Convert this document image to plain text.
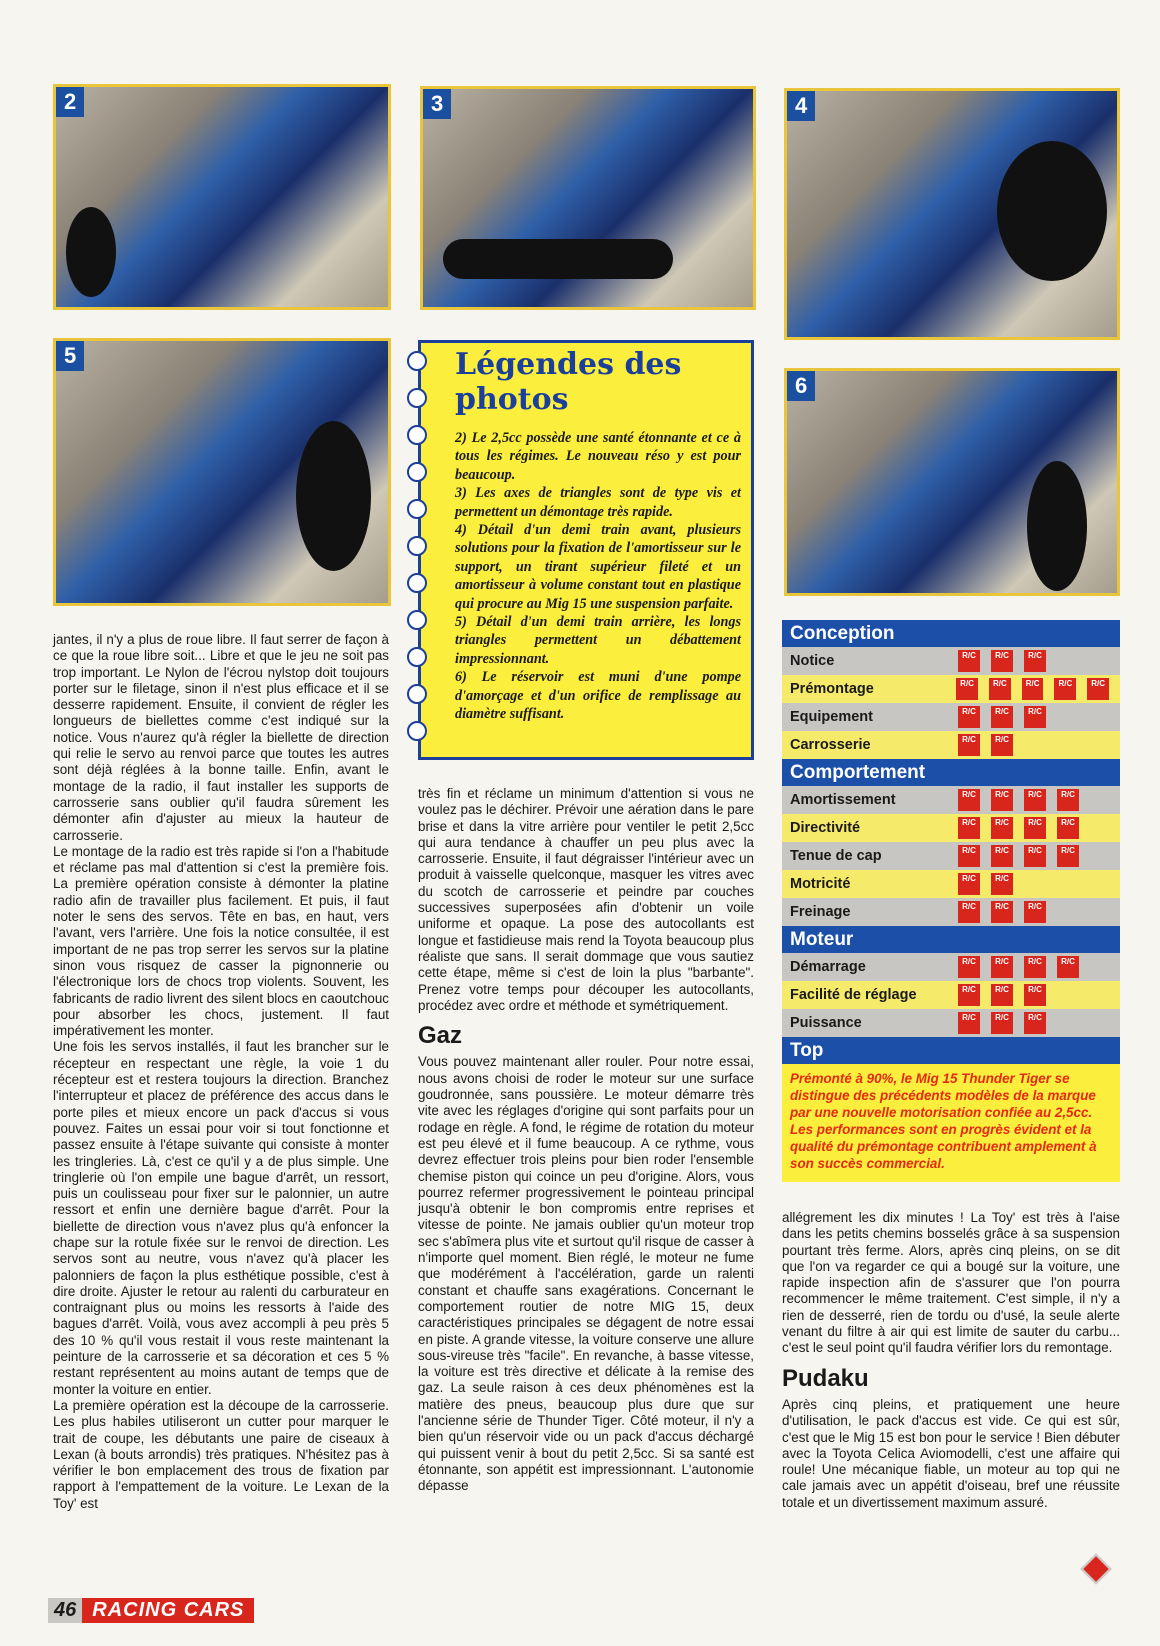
2	3	4
5
6
Légendes des photos

2) Le 2,5cc possède une santé étonnante et ce à tous les régimes. Le nouveau réso y est pour beaucoup.

3) Les axes de triangles sont de type vis et permettent un démontage très rapide.

4) Détail d'un demi train avant, plusieurs solutions pour la fixation de l'amortisseur sur le support, un tirant supérieur fileté et un amortisseur à volume constant tout en plastique qui procure au Mig 15 une suspension parfaite.

5) Détail d'un demi train arrière, les longs triangles permettent un débattement impressionnant.

6) Le réservoir est muni d'une pompe d'amorçage et d'un orifice de remplissage au diamètre suffisant.

jantes, il n'y a plus de roue libre. Il faut serrer de façon à ce que la roue libre soit... Libre et que le jeu ne soit pas trop important. Le Nylon de l'écrou nylstop doit toujours porter sur le filetage, sinon il n'est plus efficace et il se desserre rapidement. Ensuite, il convient de régler les longueurs de biellettes comme c'est indiqué sur la notice. Vous n'aurez qu'à régler la biellette de direction qui relie le servo au renvoi parce que toutes les autres sont déjà réglées à la bonne taille. Enfin, avant le montage de la radio, il faut installer les supports de carrosserie sans oublier qu'il faudra sûrement les démonter afin d'ajuster au mieux la hauteur de carrosserie.

Le montage de la radio est très rapide si l'on a l'habitude et réclame pas mal d'attention si c'est la première fois. La première opération consiste à démonter la platine radio afin de travailler plus facilement. Et puis, il faut noter le sens des servos. Tête en bas, en haut, vers l'avant, vers l'arrière. Une fois la notice consultée, il est important de ne pas trop serrer les servos sur la platine sinon vous risquez de casser la pignonnerie ou l'électronique lors de chocs trop violents. Souvent, les fabricants de radio livrent des silent blocs en caoutchouc pour absorber les chocs, justement. Il faut impérativement les monter.

Une fois les servos installés, il faut les brancher sur le récepteur en respectant une règle, la voie 1 du récepteur est et restera toujours la direction. Branchez l'interrupteur et placez de préférence des accus dans le porte piles et mieux encore un pack d'accus si vous pouvez. Faites un essai pour voir si tout fonctionne et passez ensuite à l'étape suivante qui consiste à monter les tringleries. Là, c'est ce qu'il y a de plus simple. Une tringlerie où l'on empile une bague d'arrêt, un ressort, puis un coulisseau pour fixer sur le palonnier, un autre ressort et enfin une dernière bague d'arrêt. Pour la biellette de direction vous n'avez plus qu'à enfoncer la chape sur la rotule fixée sur le renvoi de direction. Les servos sont au neutre, vous n'avez qu'à placer les palonniers de façon la plus esthétique possible, c'est à dire droite. Ajuster le retour au ralenti du carburateur en contraignant plus ou moins les ressorts à l'aide des bagues d'arrêt. Voilà, vous avez accompli à peu près 5 des 10 % qu'il vous restait il vous reste maintenant la peinture de la carrosserie et sa décoration et ces 5 % restant représentent au moins autant de temps que de monter la voiture en entier.

La première opération est la découpe de la carrosserie. Les plus habiles utiliseront un cutter pour marquer le trait de coupe, les débutants une paire de ciseaux à Lexan (à bouts arrondis) très pratiques. N'hésitez pas à vérifier le bon emplacement des trous de fixation par rapport à l'empattement de la voiture. Le Lexan de la Toy' est

très fin et réclame un minimum d'attention si vous ne voulez pas le déchirer. Prévoir une aération dans le pare brise et dans la vitre arrière pour ventiler le petit 2,5cc qui aura tendance à chauffer un peu plus avec la carrosserie. Ensuite, il faut dégraisser l'intérieur avec un produit à vaisselle quelconque, masquer les vitres avec du scotch de carrosserie et peindre par couches successives superposées afin d'obtenir un voile uniforme et opaque. La pose des autocollants est longue et fastidieuse mais rend la Toyota beaucoup plus réaliste que sans. Il serait dommage que vous sautiez cette étape, même si c'est de loin la plus "barbante". Prenez votre temps pour découper les autocollants, procédez avec ordre et méthode et symétriquement.

Gaz

Vous pouvez maintenant aller rouler. Pour notre essai, nous avons choisi de roder le moteur sur une surface goudronnée, sans poussière. Le moteur démarre très vite avec les réglages d'origine qui sont parfaits pour un rodage en règle. A fond, le régime de rotation du moteur est peu élevé et il fume beaucoup. A ce rythme, vous devrez effectuer trois pleins pour bien roder l'ensemble chemise piston qui coince un peu d'origine. Alors, vous pourrez refermer progressivement le pointeau principal jusqu'à obtenir le bon compromis entre reprises et vitesse de pointe. Ne jamais oublier qu'un moteur trop sec s'abîmera plus vite et surtout qu'il risque de casser à n'importe quel moment. Bien réglé, le moteur ne fume que modérément à l'accélération, garde un ralenti constant et chauffe sans exagérations. Concernant le comportement routier de notre MIG 15, deux caractéristiques principales se dégagent de notre essai en piste. A grande vitesse, la voiture conserve une allure sous-vireuse très "facile". En revanche, à basse vitesse, la voiture est très directive et délicate à la remise des gaz. La seule raison à ces deux phénomènes est la matière des pneus, beaucoup plus dure que sur l'ancienne série de Thunder Tiger. Côté moteur, il n'y a bien qu'un réservoir vide ou un pack d'accus déchargé qui puissent venir à bout du petit 2,5cc. Si sa santé est étonnante, son appétit est impressionnant. L'autonomie dépasse

Conception
Notice	R/C	R/C	R/C
Prémontage	R/C	R/C	R/C	R/C	R/C
Equipement	R/C	R/C	R/C
Carrosserie	R/C	R/C
Comportement
Amortissement	R/C	R/C	R/C	R/C
Directivité	R/C	R/C	R/C	R/C
Tenue de cap	R/C	R/C	R/C	R/C
Motricité	R/C	R/C
Freinage	R/C	R/C	R/C
Moteur
Démarrage	R/C	R/C	R/C	R/C
Facilité de réglage	R/C	R/C	R/C
Puissance	R/C	R/C	R/C
Top
Prémonté à 90%, le Mig 15 Thunder Tiger se distingue des précédents modèles de la marque par une nouvelle motorisation confiée au 2,5cc. Les performances sont en progrès évident et la qualité du prémontage contribuent amplement à son succès commercial.

allégrement les dix minutes ! La Toy' est très à l'aise dans les petits chemins bosselés grâce à sa suspension pourtant très ferme. Alors, après cinq pleins, on se dit que l'on va regarder ce qui a bougé sur la voiture, une rapide inspection afin de s'assurer que l'on pourra recommencer le même traitement. C'est simple, il n'y a rien de desserré, rien de tordu ou d'usé, la seule alerte venant du filtre à air qui est limite de sauter du carbu... c'est le seul point qu'il faudra vérifier lors du remontage.

Pudaku

Après cinq pleins, et pratiquement une heure d'utilisation, le pack d'accus est vide. Ce qui est sûr, c'est que le Mig 15 est bon pour le service ! Bien débuter avec la Toyota Celica Aviomodelli, c'est une affaire qui roule! Une mécanique fiable, un moteur au top qui ne cale jamais avec un appétit d'oiseau, bref une réussite totale et un divertissement maximum assuré.

46 RACING CARS
